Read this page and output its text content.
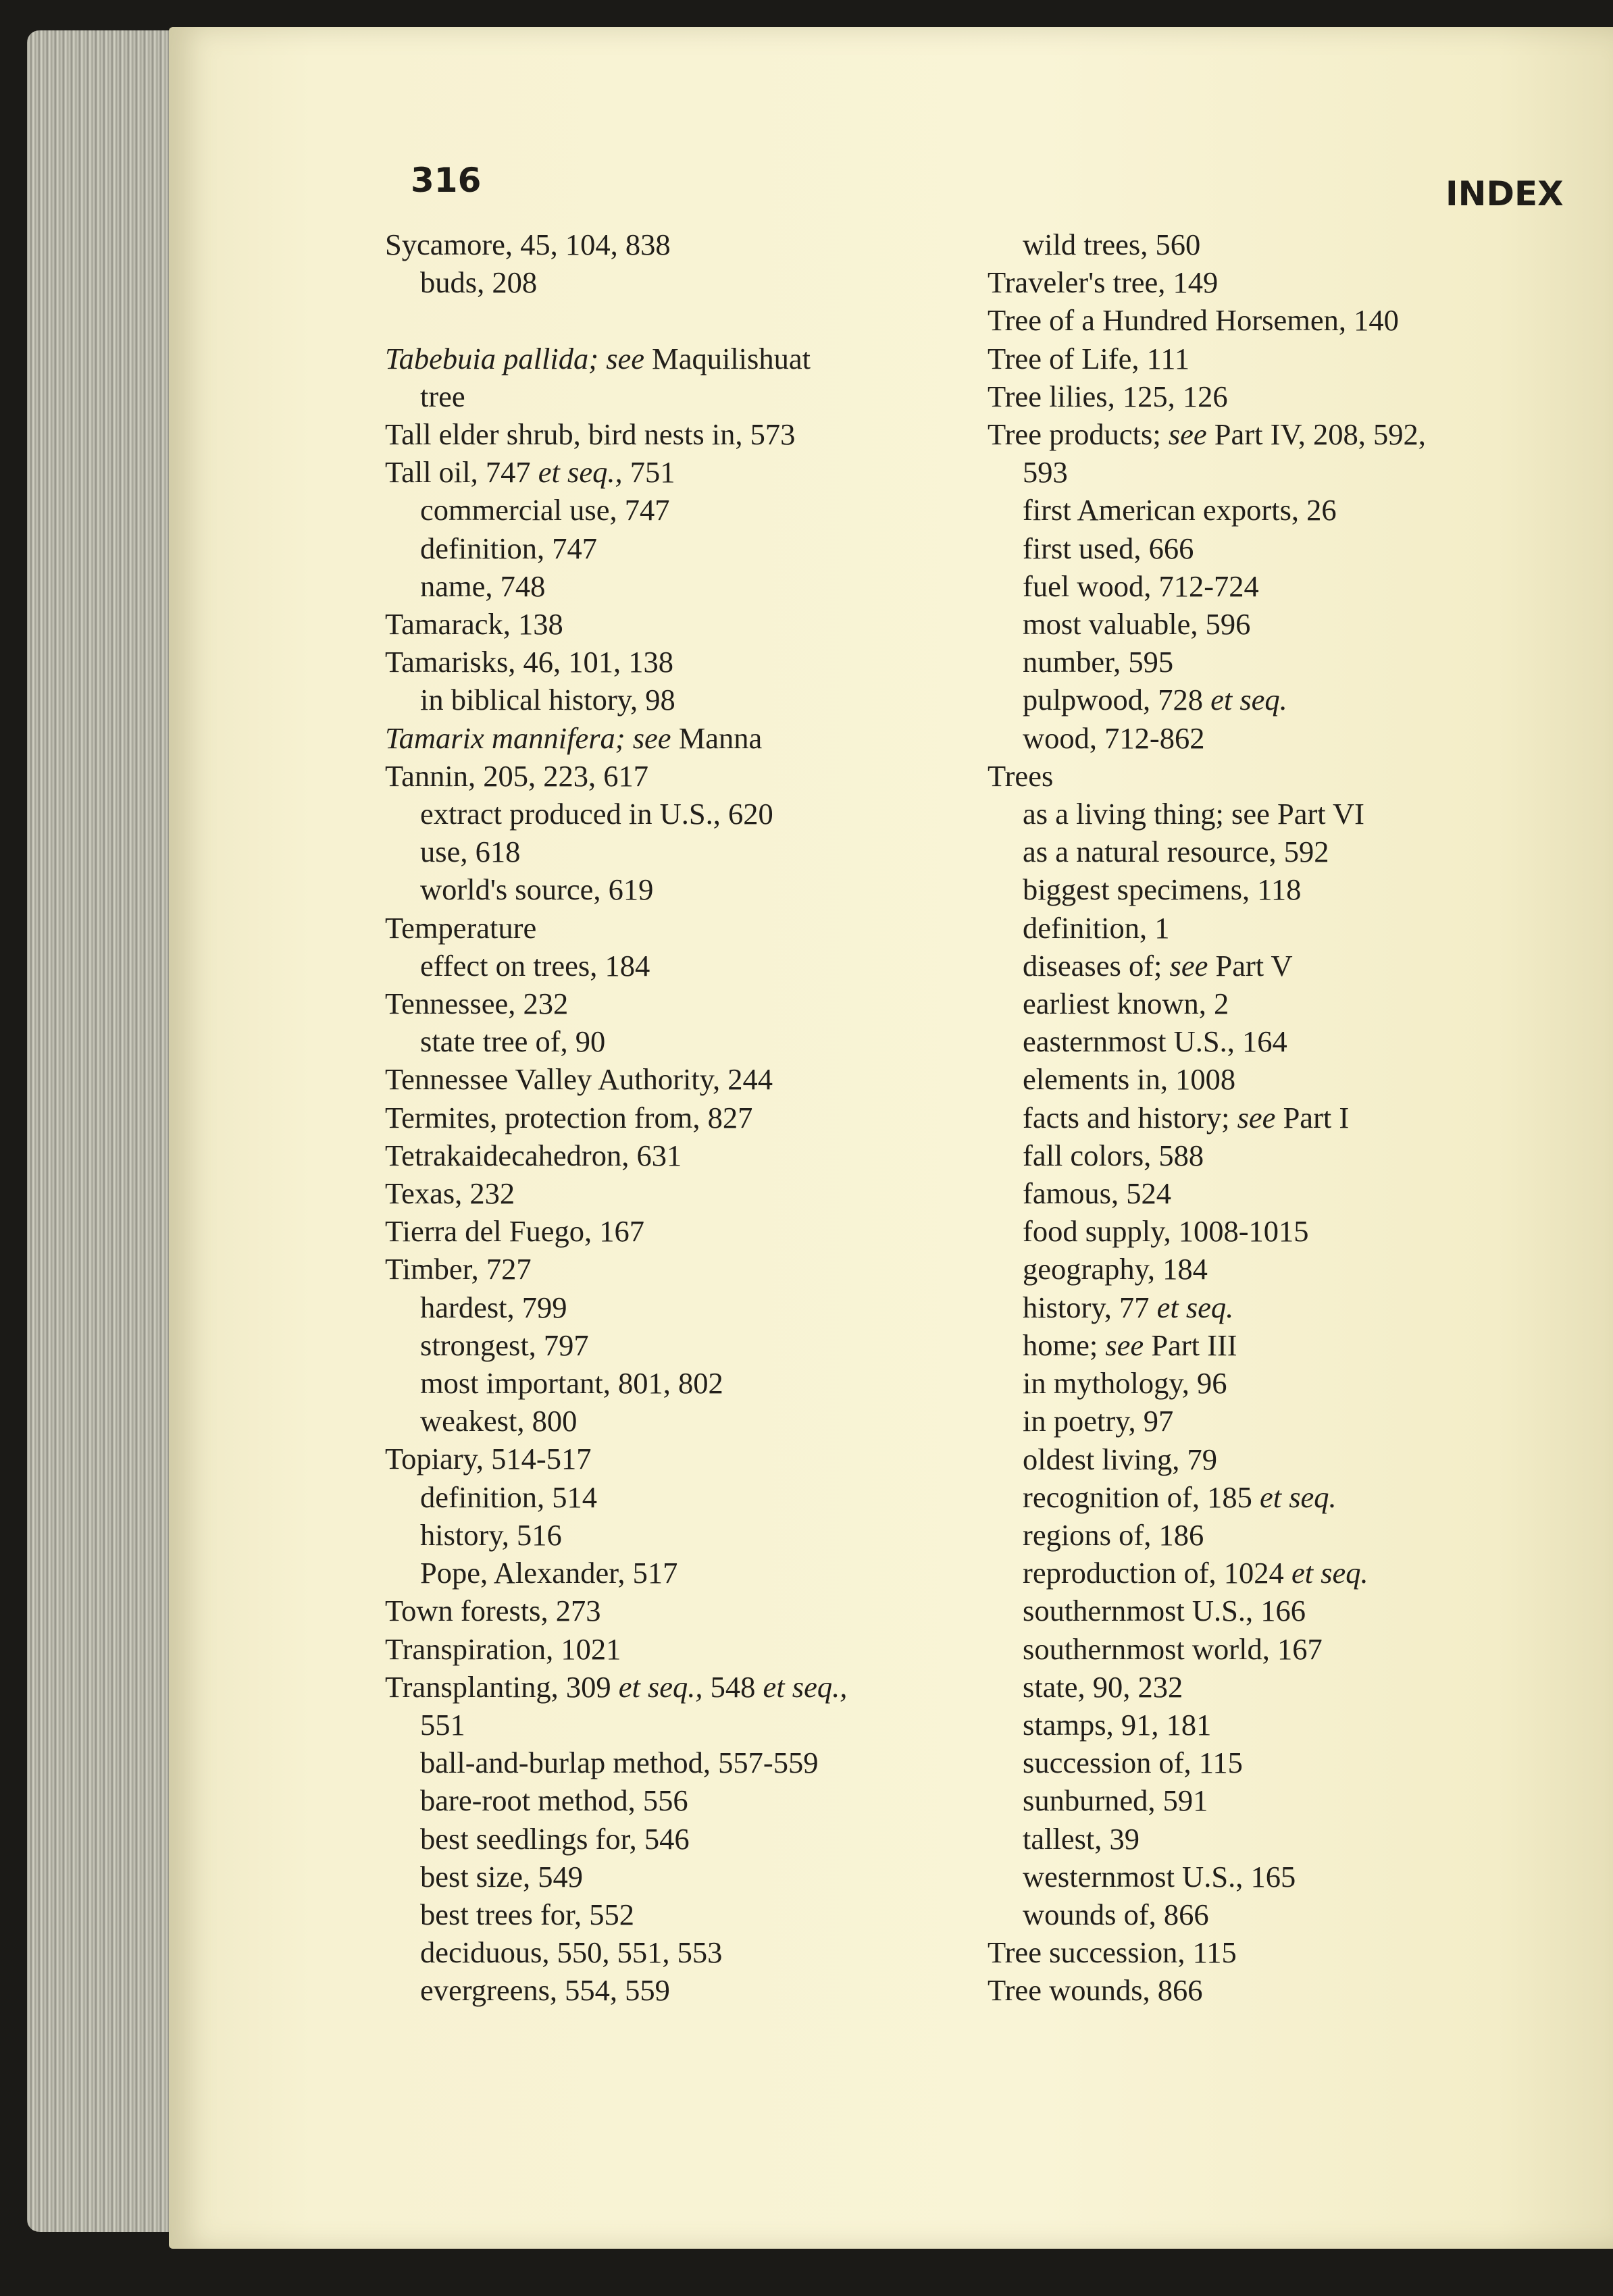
316	INDEX
Sycamore, 45, 104, 838
buds, 208
Tabebuia pallida; see Maquilishuat
tree
Tall elder shrub, bird nests in, 573
Tall oil, 747 et seq., 751
commercial use, 747
definition, 747
name, 748
Tamarack, 138
Tamarisks, 46, 101, 138
in biblical history, 98
Tamarix mannifera; see Manna
Tannin, 205, 223, 617
extract produced in U.S., 620
use, 618
world's source, 619
Temperature
effect on trees, 184
Tennessee, 232
state tree of, 90
Tennessee Valley Authority, 244
Termites, protection from, 827
Tetrakaidecahedron, 631
Texas, 232
Tierra del Fuego, 167
Timber, 727
hardest, 799
strongest, 797
most important, 801, 802
weakest, 800
Topiary, 514-517
definition, 514
history, 516
Pope, Alexander, 517
Town forests, 273
Transpiration, 1021
Transplanting, 309 et seq., 548 et seq.,
551
ball-and-burlap method, 557-559
bare-root method, 556
best seedlings for, 546
best size, 549
best trees for, 552
deciduous, 550, 551, 553
evergreens, 554, 559
wild trees, 560
Traveler's tree, 149
Tree of a Hundred Horsemen, 140
Tree of Life, 111
Tree lilies, 125, 126
Tree products; see Part IV, 208, 592,
593
first American exports, 26
first used, 666
fuel wood, 712-724
most valuable, 596
number, 595
pulpwood, 728 et seq.
wood, 712-862
Trees
as a living thing; see Part VI
as a natural resource, 592
biggest specimens, 118
definition, 1
diseases of; see Part V
earliest known, 2
easternmost U.S., 164
elements in, 1008
facts and history; see Part I
fall colors, 588
famous, 524
food supply, 1008-1015
geography, 184
history, 77 et seq.
home; see Part III
in mythology, 96
in poetry, 97
oldest living, 79
recognition of, 185 et seq.
regions of, 186
reproduction of, 1024 et seq.
southernmost U.S., 166
southernmost world, 167
state, 90, 232
stamps, 91, 181
succession of, 115
sunburned, 591
tallest, 39
westernmost U.S., 165
wounds of, 866
Tree succession, 115
Tree wounds, 866
